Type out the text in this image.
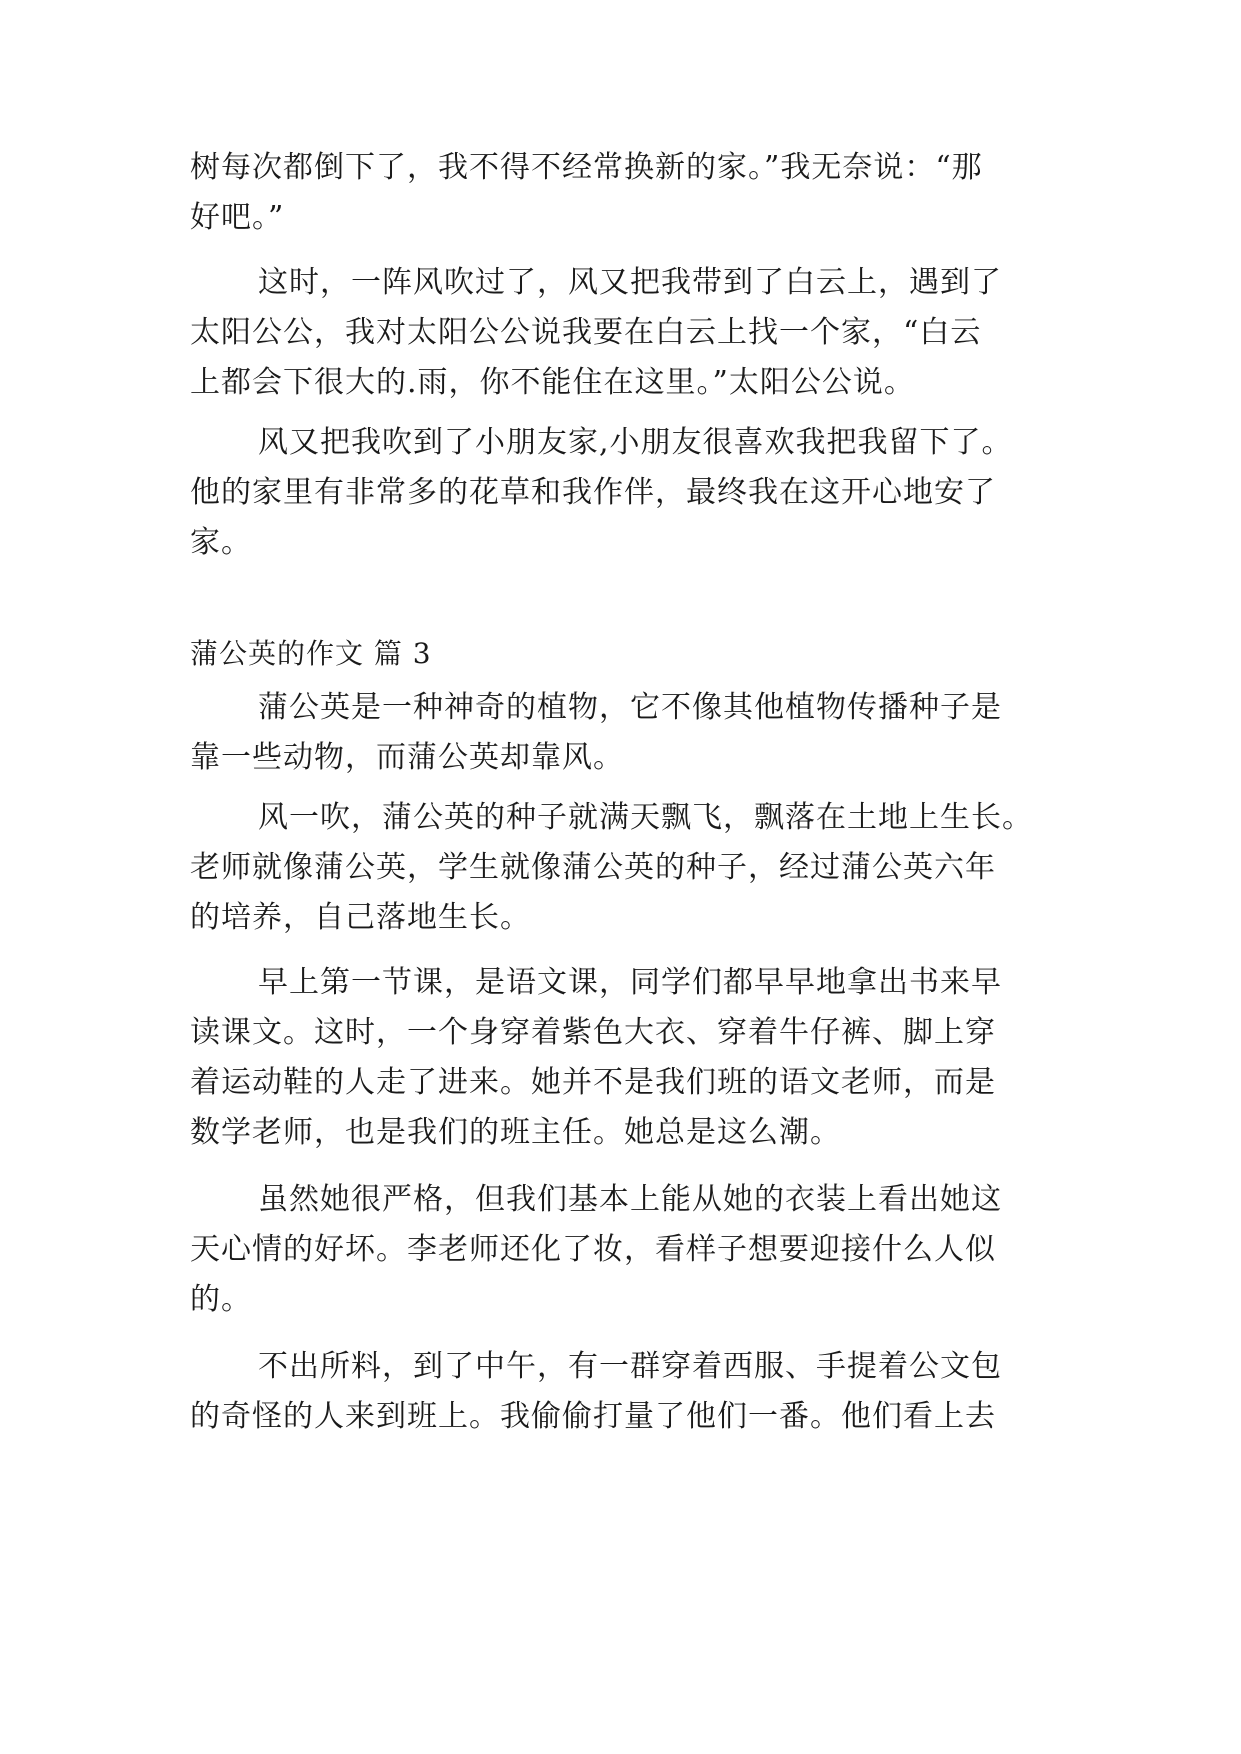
树每次都倒下了，我不得不经常换新的家。”我无奈说：“那
好吧。”
这时，一阵风吹过了，风又把我带到了白云上，遇到了
太阳公公，我对太阳公公说我要在白云上找一个家，“白云
上都会下很大的.雨，你不能住在这里。”太阳公公说。
风又把我吹到了小朋友家,小朋友很喜欢我把我留下了。
他的家里有非常多的花草和我作伴，最终我在这开心地安了
家。
蒲公英的作文 篇 3
蒲公英是一种神奇的植物，它不像其他植物传播种子是
靠一些动物，而蒲公英却靠风。
风一吹，蒲公英的种子就满天飘飞，飘落在土地上生长。
老师就像蒲公英，学生就像蒲公英的种子，经过蒲公英六年
的培养，自己落地生长。
早上第一节课，是语文课，同学们都早早地拿出书来早
读课文。这时，一个身穿着紫色大衣、穿着牛仔裤、脚上穿
着运动鞋的人走了进来。她并不是我们班的语文老师，而是
数学老师，也是我们的班主任。她总是这么潮。
虽然她很严格，但我们基本上能从她的衣装上看出她这
天心情的好坏。李老师还化了妆，看样子想要迎接什么人似
的。
不出所料，到了中午，有一群穿着西服、手提着公文包
的奇怪的人来到班上。我偷偷打量了他们一番。他们看上去
